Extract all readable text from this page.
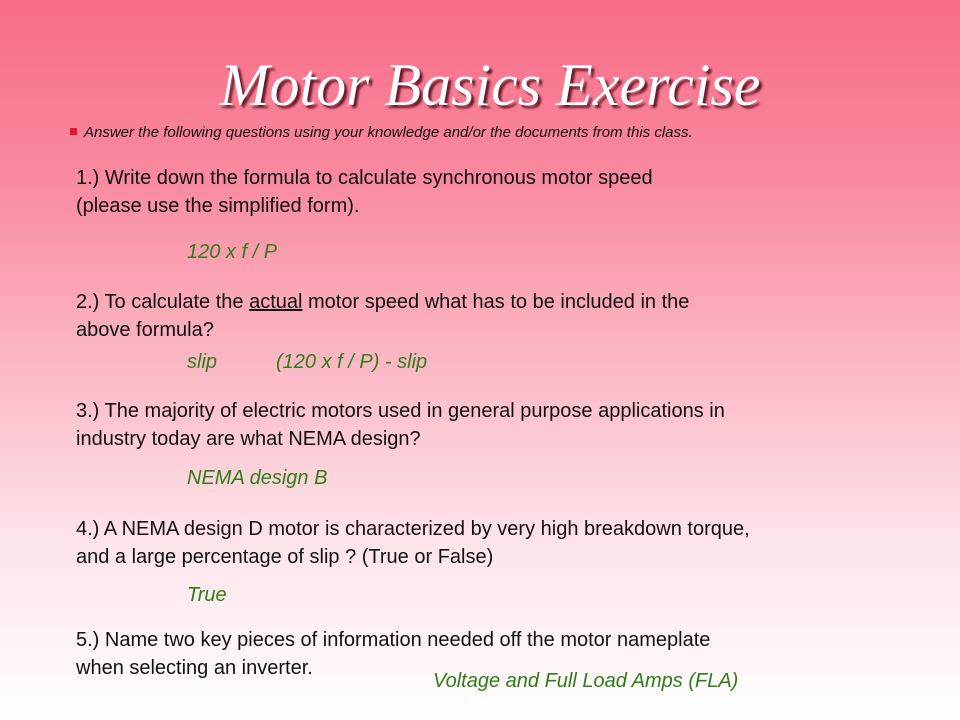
Motor Basics Exercise
Answer the following questions using your knowledge and/or the documents from this class.
1.) Write down the formula to calculate synchronous motor speed
(please use the simplified form).
120 x f / P
2.) To calculate the actual motor speed what has to be included in the
above formula?
slip	(120 x f / P) - slip
3.) The majority of electric motors used in general purpose applications in
industry today are what NEMA design?
NEMA design B
4.) A NEMA design D motor is characterized by very high breakdown torque,
and a large percentage of slip ? (True or False)
True
5.) Name two key pieces of information needed off the motor nameplate
when selecting an inverter.
Voltage and Full Load Amps (FLA)
